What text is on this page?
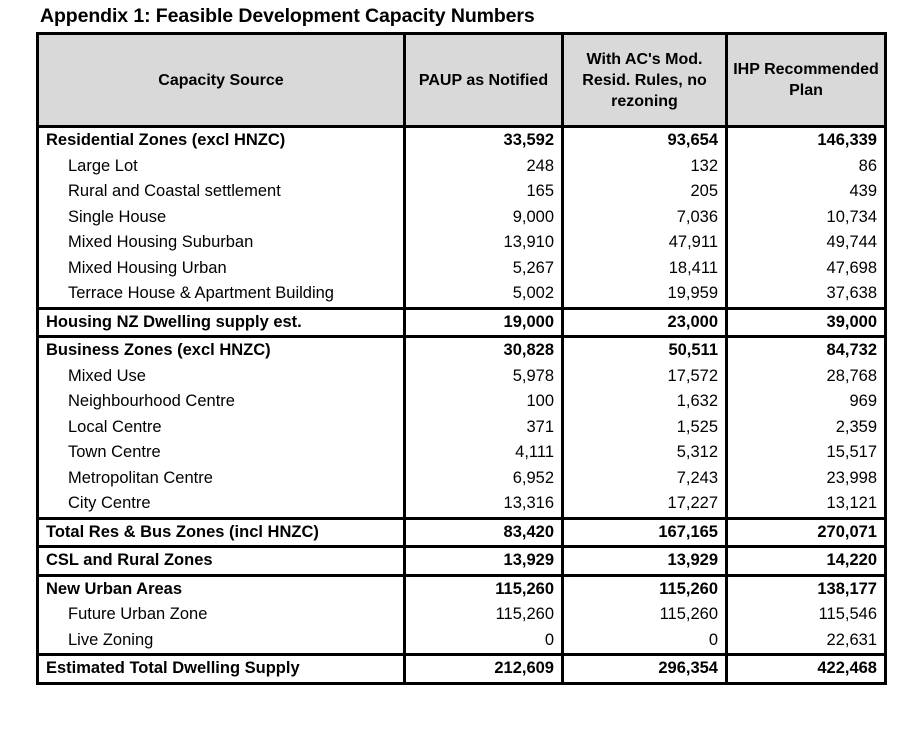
Appendix 1: Feasible Development Capacity Numbers
Capacity Source	PAUP as Notified	With AC's Mod. Resid. Rules, no rezoning	IHP Recommended Plan
Residential Zones (excl HNZC)	33,592	93,654	146,339
Large Lot	248	132	86
Rural and Coastal settlement	165	205	439
Single House	9,000	7,036	10,734
Mixed Housing Suburban	13,910	47,911	49,744
Mixed Housing Urban	5,267	18,411	47,698
Terrace House & Apartment Building	5,002	19,959	37,638
Housing NZ Dwelling supply est.	19,000	23,000	39,000
Business Zones (excl HNZC)	30,828	50,511	84,732
Mixed Use	5,978	17,572	28,768
Neighbourhood Centre	100	1,632	969
Local Centre	371	1,525	2,359
Town Centre	4,111	5,312	15,517
Metropolitan Centre	6,952	7,243	23,998
City Centre	13,316	17,227	13,121
Total Res & Bus Zones (incl HNZC)	83,420	167,165	270,071
CSL and Rural Zones	13,929	13,929	14,220
New Urban Areas	115,260	115,260	138,177
Future Urban Zone	115,260	115,260	115,546
Live Zoning	0	0	22,631
Estimated Total Dwelling Supply	212,609	296,354	422,468
